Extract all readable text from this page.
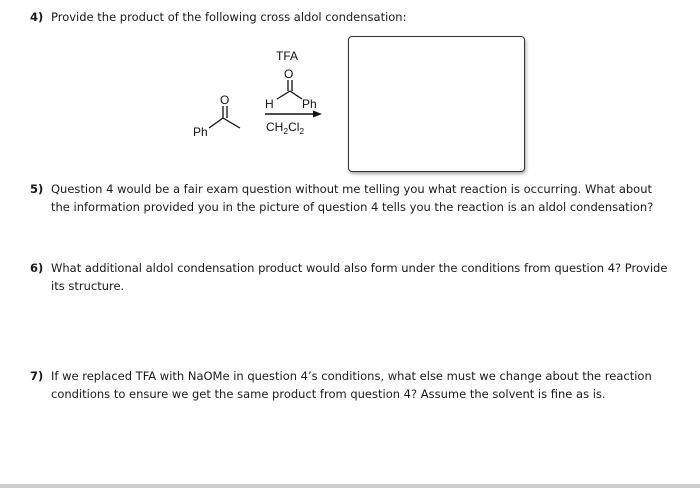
4) Provide the product of the following cross aldol condensation:
O
Ph
TFA
O
H Ph
$CH_2Cl_2$
5) Question 4 would be a fair exam question without me telling you what reaction is occurring. What about the information provided you in the picture of question 4 tells you the reaction is an aldol condensation?
6) What additional aldol condensation product would also form under the conditions from question 4? Provide its structure.
7) If we replaced TFA with NaOMe in question 4’s conditions, what else must we change about the reaction conditions to ensure we get the same product from question 4? Assume the solvent is fine as is.
